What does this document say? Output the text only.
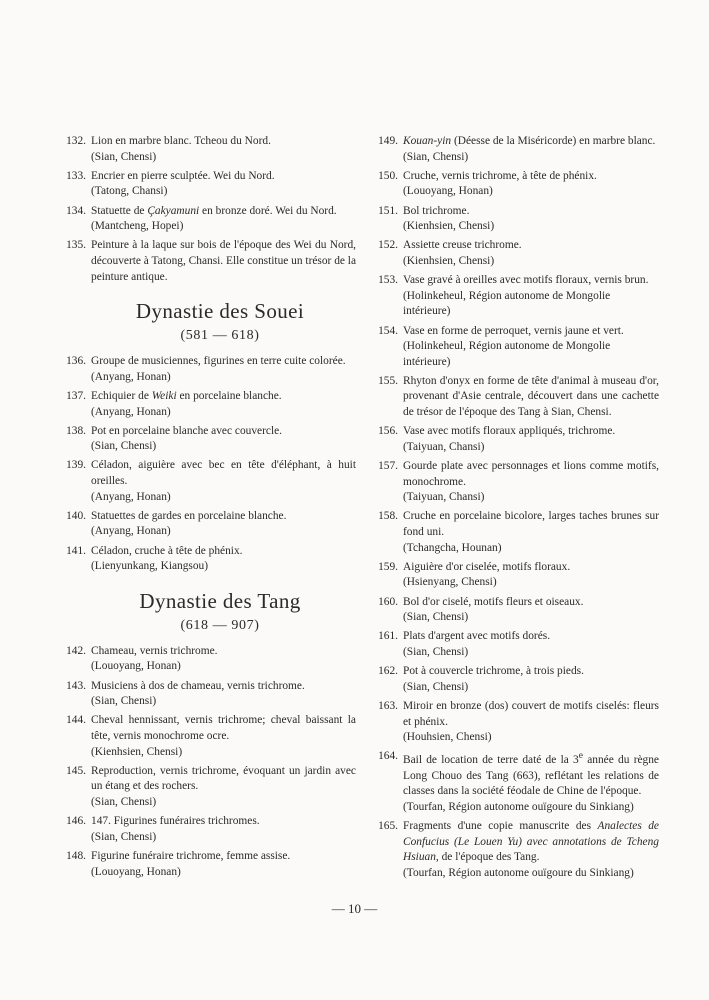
132. Lion en marbre blanc. Tcheou du Nord.
(Sian, Chensi)
133. Encrier en pierre sculptée. Wei du Nord.
(Tatong, Chansi)
134. Statuette de Çakyamuni en bronze doré. Wei du Nord.
(Mantcheng, Hopei)
135. Peinture à la laque sur bois de l'époque des Wei du Nord, découverte à Tatong, Chansi. Elle constitue un trésor de la peinture antique.
Dynastie des Souei
(581 — 618)
136. Groupe de musiciennes, figurines en terre cuite colorée.
(Anyang, Honan)
137. Echiquier de Weiki en porcelaine blanche.
(Anyang, Honan)
138. Pot en porcelaine blanche avec couvercle.
(Sian, Chensi)
139. Céladon, aiguière avec bec en tête d'éléphant, à huit oreilles.
(Anyang, Honan)
140. Statuettes de gardes en porcelaine blanche.
(Anyang, Honan)
141. Céladon, cruche à tête de phénix.
(Lienyunkang, Kiangsou)
Dynastie des Tang
(618 — 907)
142. Chameau, vernis trichrome.
(Louoyang, Honan)
143. Musiciens à dos de chameau, vernis trichrome.
(Sian, Chensi)
144. Cheval hennissant, vernis trichrome; cheval baissant la tête, vernis monochrome ocre.
(Kienhsien, Chensi)
145. Reproduction, vernis trichrome, évoquant un jardin avec un étang et des rochers.
(Sian, Chensi)
146. 147. Figurines funéraires trichromes.
(Sian, Chensi)
148. Figurine funéraire trichrome, femme assise.
(Louoyang, Honan)
149. Kouan-yin (Déesse de la Miséricorde) en marbre blanc.
(Sian, Chensi)
150. Cruche, vernis trichrome, à tête de phénix.
(Louoyang, Honan)
151. Bol trichrome.
(Kienhsien, Chensi)
152. Assiette creuse trichrome.
(Kienhsien, Chensi)
153. Vase gravé à oreilles avec motifs floraux, vernis brun.
(Holinkeheul, Région autonome de Mongolie intérieure)
154. Vase en forme de perroquet, vernis jaune et vert.
(Holinkeheul, Région autonome de Mongolie intérieure)
155. Rhyton d'onyx en forme de tête d'animal à museau d'or, provenant d'Asie centrale, découvert dans une cachette de trésor de l'époque des Tang à Sian, Chensi.
156. Vase avec motifs floraux appliqués, trichrome.
(Taiyuan, Chansi)
157. Gourde plate avec personnages et lions comme motifs, monochrome.
(Taiyuan, Chansi)
158. Cruche en porcelaine bicolore, larges taches brunes sur fond uni.
(Tchangcha, Hounan)
159. Aiguière d'or ciselée, motifs floraux.
(Hsienyang, Chensi)
160. Bol d'or ciselé, motifs fleurs et oiseaux.
(Sian, Chensi)
161. Plats d'argent avec motifs dorés.
(Sian, Chensi)
162. Pot à couvercle trichrome, à trois pieds.
(Sian, Chensi)
163. Miroir en bronze (dos) couvert de motifs ciselés: fleurs et phénix.
(Houhsien, Chensi)
164. Bail de location de terre daté de la 3e année du règne Long Chouo des Tang (663), reflétant les relations de classes dans la société féodale de Chine de l'époque.
(Tourfan, Région autonome ouïgoure du Sinkiang)
165. Fragments d'une copie manuscrite des Analectes de Confucius (Le Louen Yu) avec annotations de Tcheng Hsiuan, de l'époque des Tang.
(Tourfan, Région autonome ouïgoure du Sinkiang)
— 10 —
